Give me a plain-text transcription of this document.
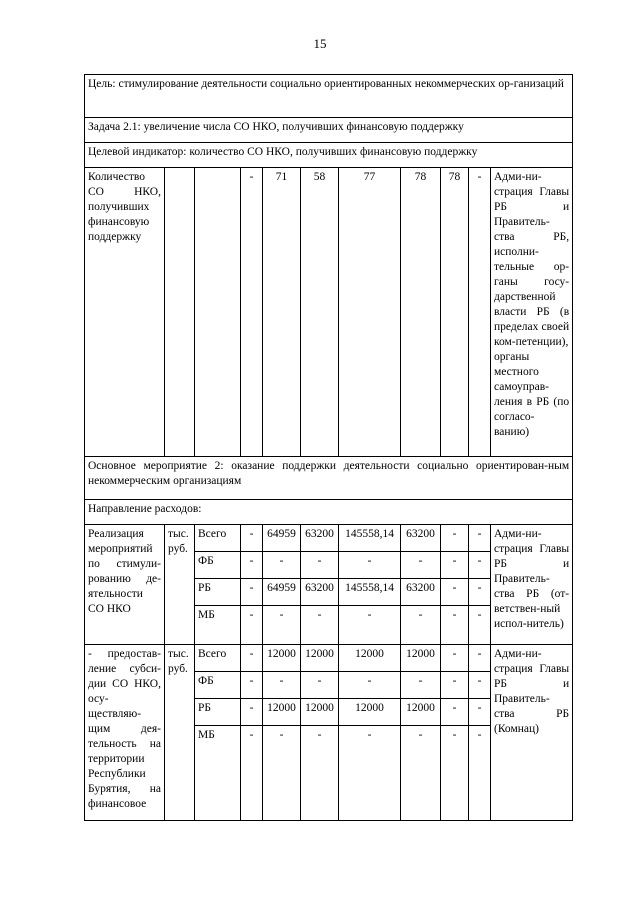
15
Цель: стимулирование деятельности социально ориентированных некоммерческих ор-ганизаций										
Задача 2.1: увеличение числа СО НКО, получивших финансовую поддержку										
Целевой индикатор: количество СО НКО, получивших финансовую поддержку										
Количество СО НКО, получивших финансовую поддержку			-	71	58	77	78	78	-	Адми-ни-страция Главы РБ и Правитель-ства РБ, исполни-тельные ор-ганы госу-дарственной власти РБ (в пределах своей ком-петенции), органы местного самоуправ-ления в РБ (по согласо-ванию)
Основное мероприятие 2: оказание поддержки деятельности социально ориентирован-ным некоммерческим организациям										
Направление расходов:										
Реализация мероприятий по стимули-рованию де-ятельности СО НКО	тыс. руб.	Всего	-	64959	63200	145558,14	63200	-	-	Адми-ни-страция Главы РБ и Правитель-ства РБ (от-ветствен-ный испол-нитель)
		ФБ	-	-	-	-	-	-	-	
		РБ	-	64959	63200	145558,14	63200	-	-	
		МБ	-	-	-	-	-	-	-	
- предостав-ление субси-дии СО НКО, осу-ществляю-щим дея-тельность на территории Республики Бурятия, на финансовое	тыс. руб.	Всего	-	12000	12000	12000	12000	-	-	Адми-ни-страция Главы РБ и Правитель-ства РБ (Комнац)
		ФБ	-	-	-	-	-	-	-	
		РБ	-	12000	12000	12000	12000	-	-	
		МБ	-	-	-	-	-	-	-	
